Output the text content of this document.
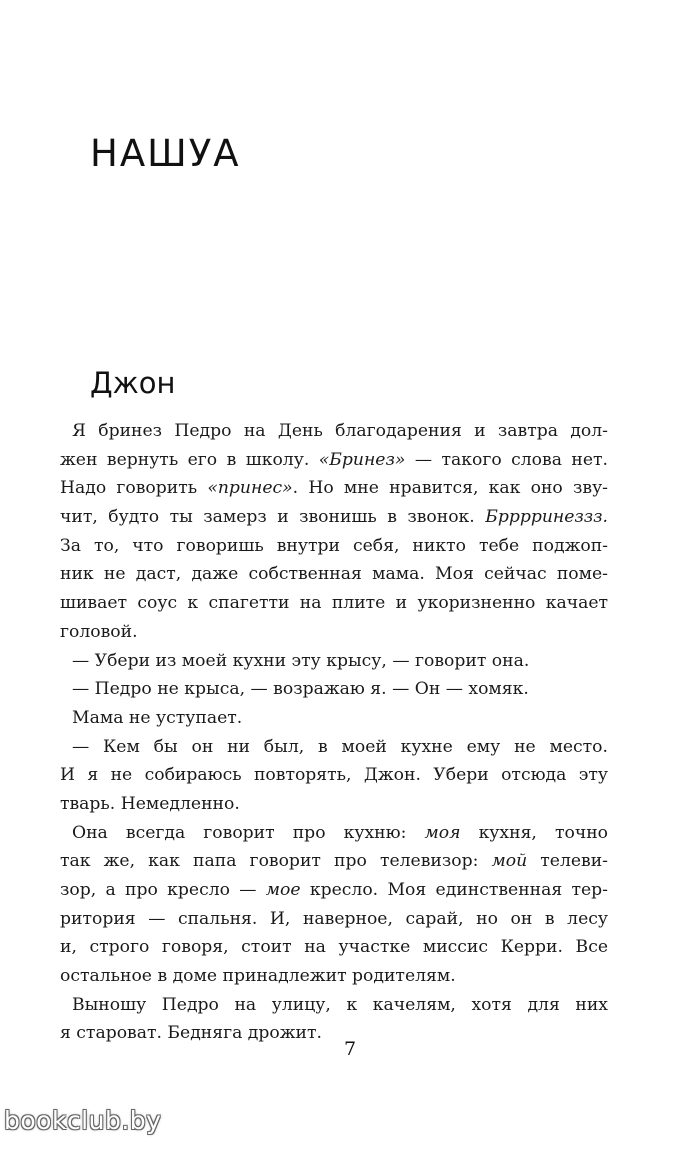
НАШУА
Джон
Я бринез Педро на День благодарения и завтра дол-
жен вернуть его в школу. «Бринез» — такого слова нет.
Надо говорить «принес». Но мне нравится, как оно зву-
чит, будто ты замерз и звонишь в звонок. Брррринеззз.
За то, что говоришь внутри себя, никто тебе поджоп-
ник не даст, даже собственная мама. Моя сейчас поме-
шивает соус к спагетти на плите и укоризненно качает
головой.
— Убери из моей кухни эту крысу, — говорит она.
— Педро не крыса, — возражаю я. — Он — хомяк.
Мама не уступает.
— Кем бы он ни был, в моей кухне ему не место.
И я не собираюсь повторять, Джон. Убери отсюда эту
тварь. Немедленно.
Она всегда говорит про кухню: моя кухня, точно
так же, как папа говорит про телевизор: мой телеви-
зор, а про кресло — мое кресло. Моя единственная тер-
ритория — спальня. И, наверное, сарай, но он в лесу
и, строго говоря, стоит на участке миссис Керри. Все
остальное в доме принадлежит родителям.
Выношу Педро на улицу, к качелям, хотя для них
я староват. Бедняга дрожит.
7
bookclub.by
